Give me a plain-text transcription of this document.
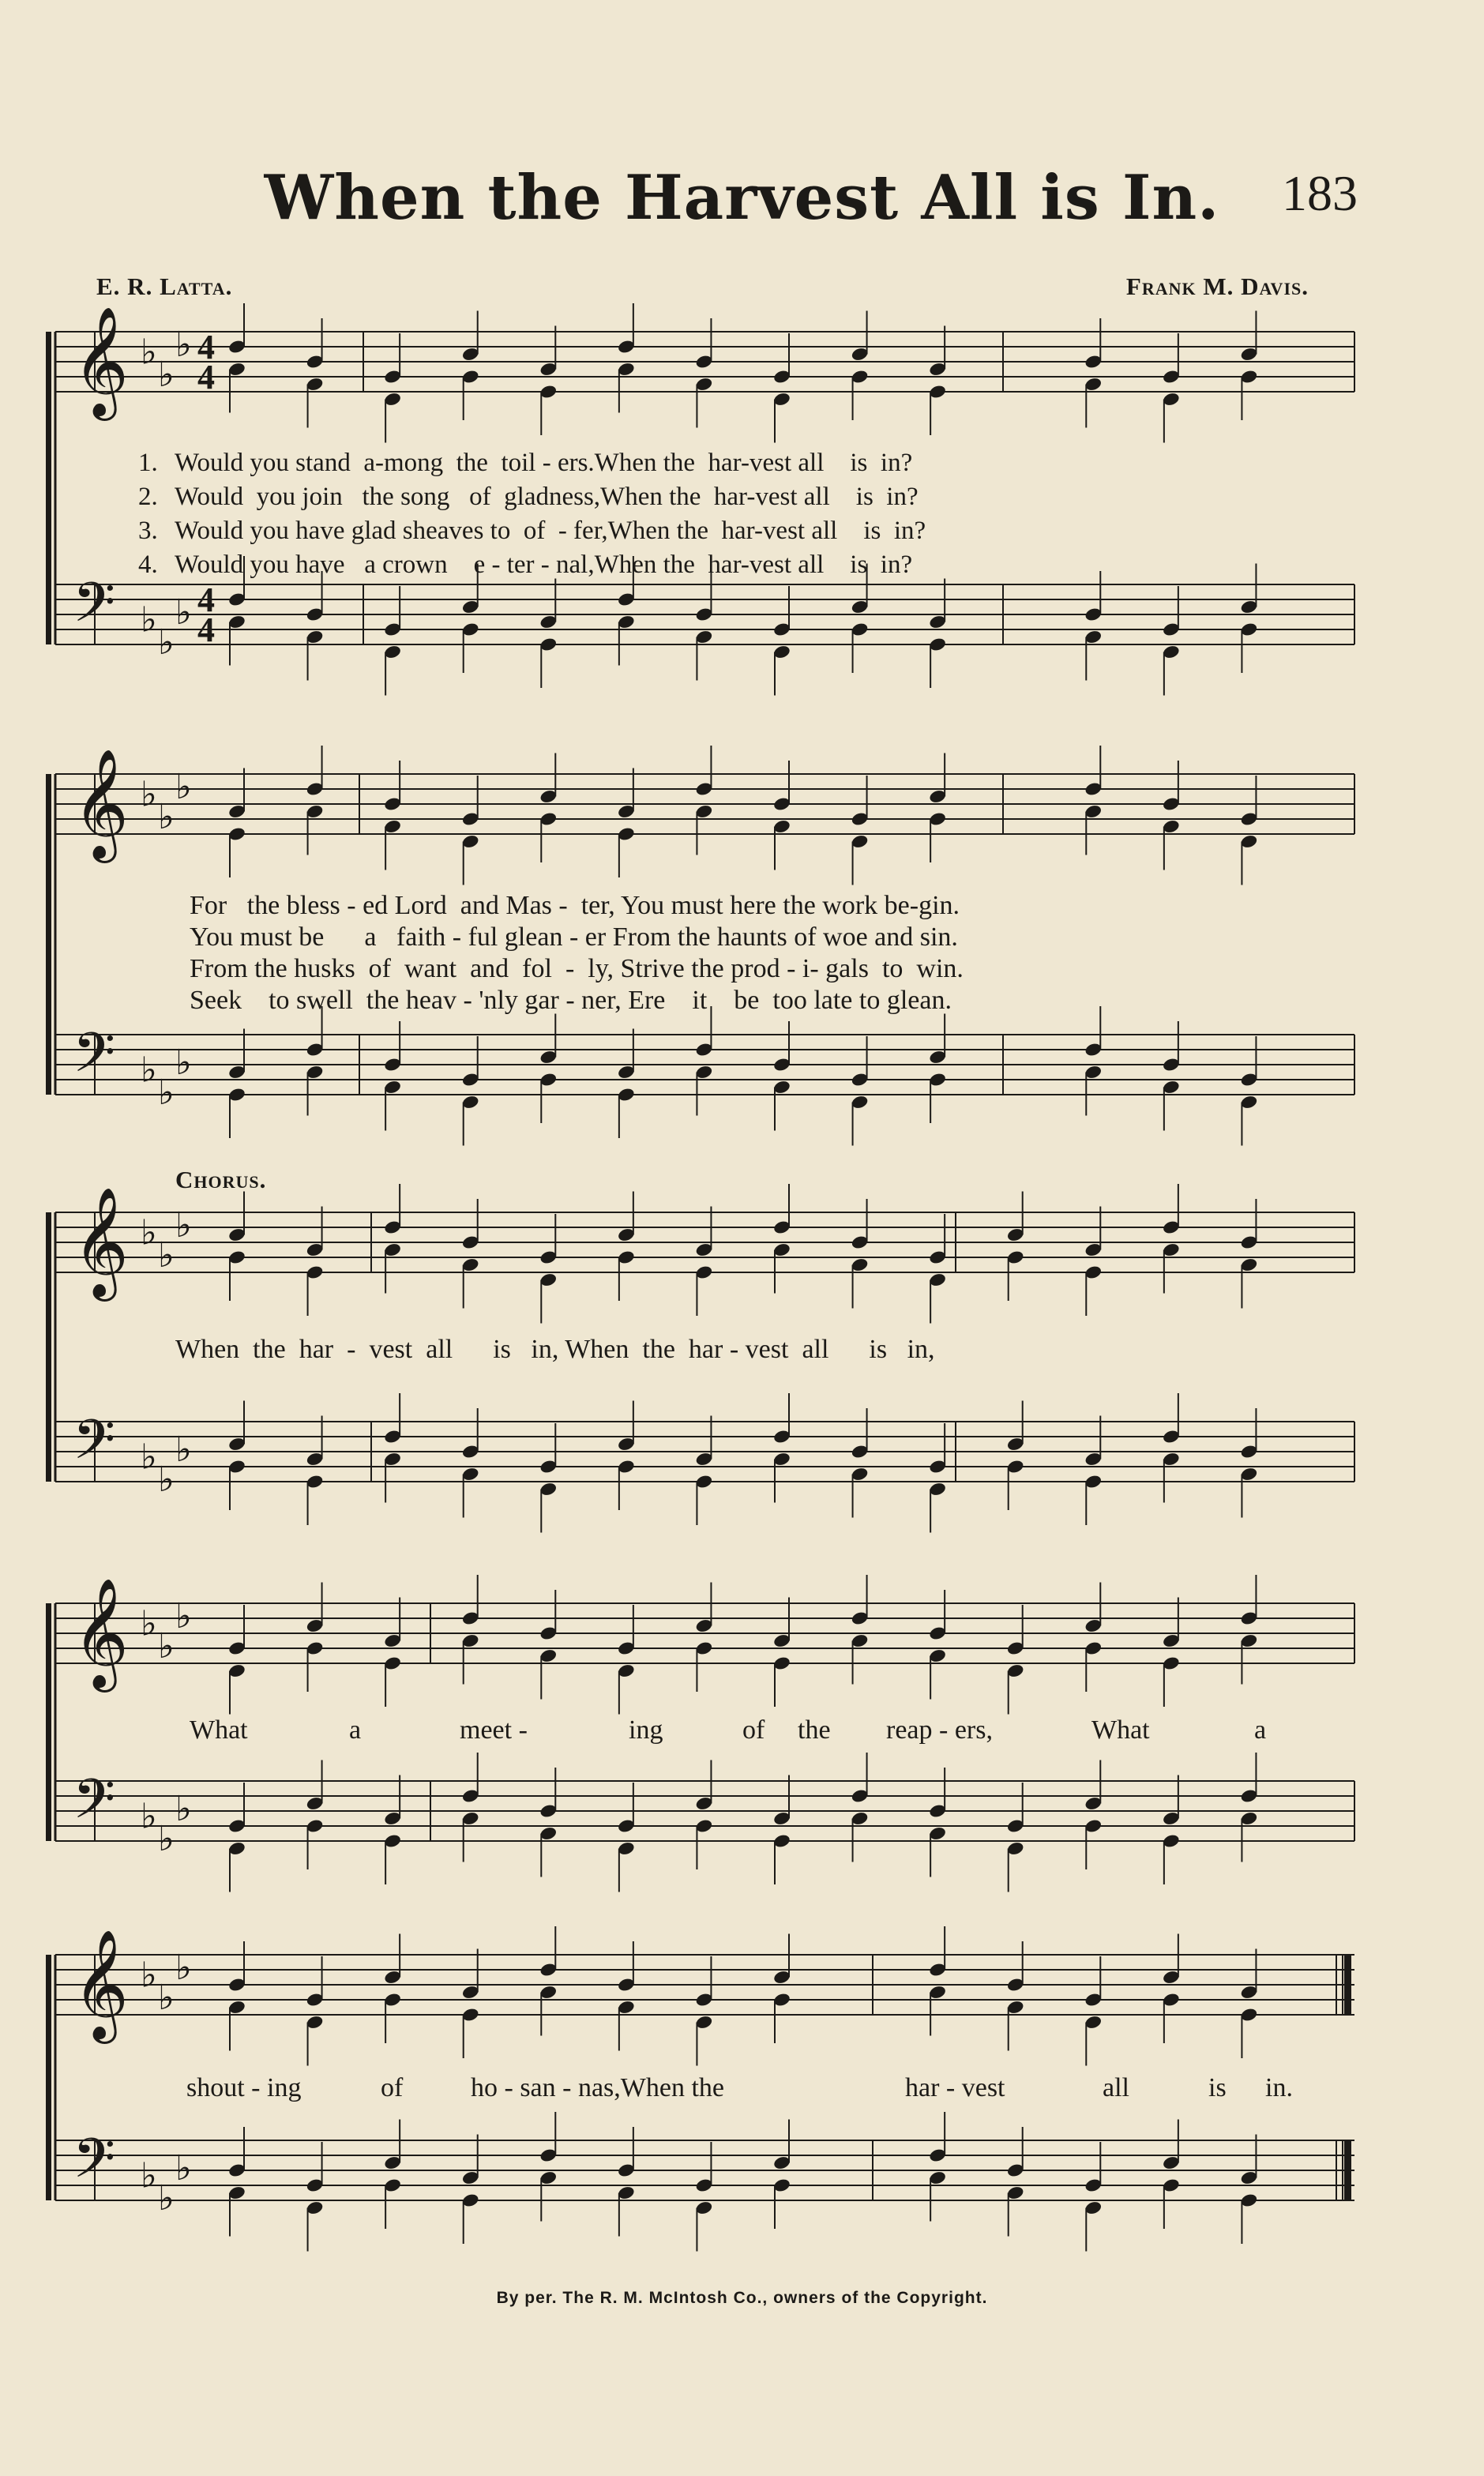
When the Harvest All is In.	183
E. R. Latta.	Frank M. Davis.
𝄞 ♭
♭
♭ 4
4
𝄢 ♭
♭
♭ 4
4
𝄞 ♭
♭
♭
𝄢 ♭
♭
♭
𝄞 ♭
♭
♭
𝄢 ♭
♭
♭
𝄞 ♭
♭
♭
𝄢 ♭
♭
♭
𝄞 ♭
♭
♭
𝄢 ♭
♭
♭
1. Would you stand  a-mong  the  toil - ers.When the  har-vest all    is  in?
2. Would  you join   the song   of  gladness,When the  har-vest all    is  in?
3. Would you have glad sheaves to  of  - fer,When the  har-vest all    is  in?
4. Would you have   a crown    e - ter - nal,When the  har-vest all    is  in?
For   the bless - ed Lord  and Mas -  ter, You must here the work be-gin.
You must be      a   faith - ful glean - er From the haunts of woe and sin.
From the husks  of  want  and  fol  -  ly, Strive the prod - i- gals  to  win.
Seek    to swell  the heav - 'nly gar - ner, Ere    it    be  too late to glean.
Chorus.
When  the  har  -  vest  all      is   in, When  the  har - vest  all      is   in,
What	a	meet -	ing	of the reap - ers,	What	a
shout - ing	of	ho - san - nas,When the	har - vest	all	is in.
By per. The R. M. McIntosh Co., owners of the Copyright.
